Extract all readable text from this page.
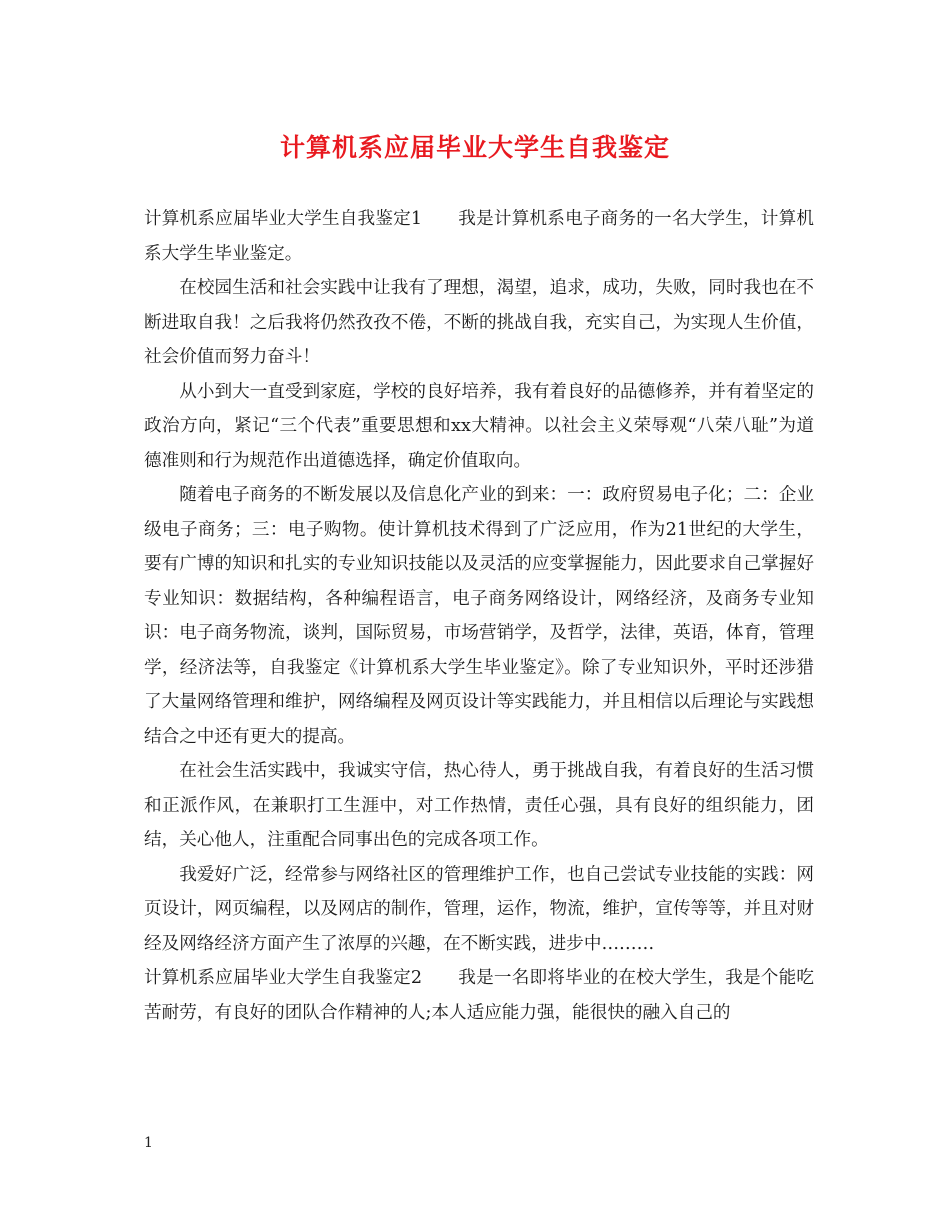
计算机系应届毕业大学生自我鉴定

计算机系应届毕业大学生自我鉴定1 我是计算机系电子商务的一名大学生，计算机系大学生毕业鉴定。

在校园生活和社会实践中让我有了理想，渴望，追求，成功，失败，同时我也在不断进取自我！之后我将仍然孜孜不倦，不断的挑战自我，充实自己，为实现人生价值，社会价值而努力奋斗！

从小到大一直受到家庭，学校的良好培养，我有着良好的品德修养，并有着坚定的政治方向，紧记“三个代表”重要思想和xx大精神。以社会主义荣辱观“八荣八耻”为道德准则和行为规范作出道德选择，确定价值取向。

随着电子商务的不断发展以及信息化产业的到来：一：政府贸易电子化；二：企业级电子商务；三：电子购物。使计算机技术得到了广泛应用，作为21世纪的大学生，要有广博的知识和扎实的专业知识技能以及灵活的应变掌握能力，因此要求自己掌握好专业知识：数据结构，各种编程语言，电子商务网络设计，网络经济，及商务专业知识：电子商务物流，谈判，国际贸易，市场营销学，及哲学，法律，英语，体育，管理学，经济法等，自我鉴定《计算机系大学生毕业鉴定》。除了专业知识外，平时还涉猎了大量网络管理和维护，网络编程及网页设计等实践能力，并且相信以后理论与实践想结合之中还有更大的提高。

在社会生活实践中，我诚实守信，热心待人，勇于挑战自我，有着良好的生活习惯和正派作风，在兼职打工生涯中，对工作热情，责任心强，具有良好的组织能力，团结，关心他人，注重配合同事出色的完成各项工作。

我爱好广泛，经常参与网络社区的管理维护工作，也自己尝试专业技能的实践：网页设计，网页编程，以及网店的制作，管理，运作，物流，维护，宣传等等，并且对财经及网络经济方面产生了浓厚的兴趣，在不断实践，进步中………

计算机系应届毕业大学生自我鉴定2 我是一名即将毕业的在校大学生，我是个能吃苦耐劳，有良好的团队合作精神的人;本人适应能力强，能很快的融入自己的

1
